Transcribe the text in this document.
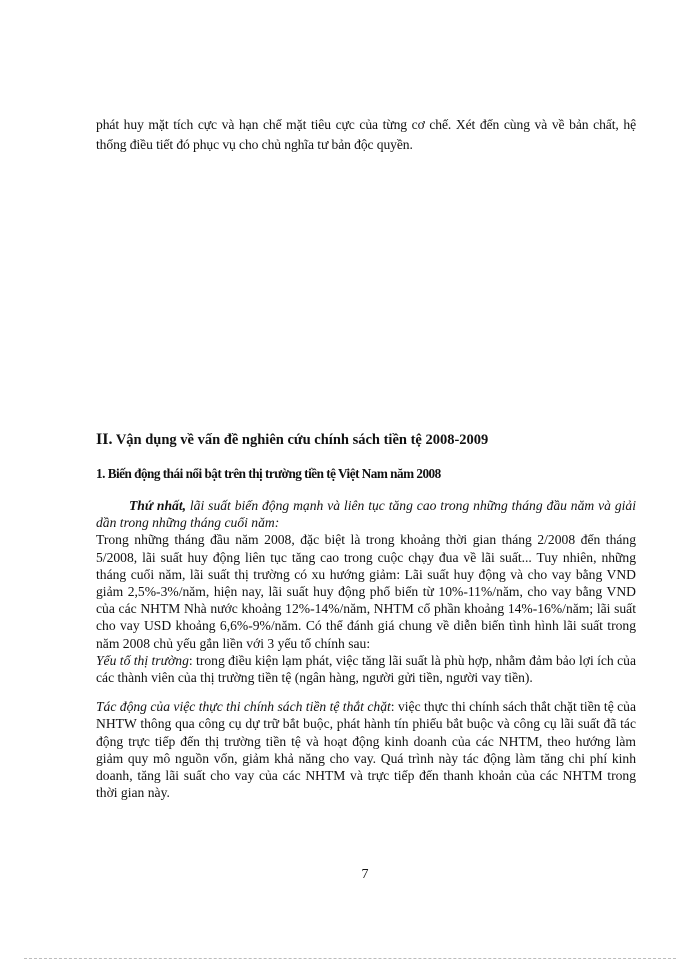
phát huy mặt tích cực và hạn chế mặt tiêu cực của từng cơ chế. Xét đến cùng và về bản chất, hệ thống điều tiết đó phục vụ cho chủ nghĩa tư bản độc quyền.

II. Vận dụng về vấn đề nghiên cứu chính sách tiền tệ 2008-2009
1. Biến động thái nổi bật trên thị trường tiền tệ Việt Nam năm 2008

Thứ nhất, lãi suất biến động mạnh và liên tục tăng cao trong những tháng đầu năm và giải dần trong những tháng cuối năm:

Trong những tháng đầu năm 2008, đặc biệt là trong khoảng thời gian tháng 2/2008 đến tháng 5/2008, lãi suất huy động liên tục tăng cao trong cuộc chạy đua về lãi suất... Tuy nhiên, những tháng cuối năm, lãi suất thị trường có xu hướng giảm: Lãi suất huy động và cho vay bằng VND giảm 2,5%-3%/năm, hiện nay, lãi suất huy động phổ biến từ 10%-11%/năm, cho vay bằng VND của các NHTM Nhà nước khoảng 12%-14%/năm, NHTM cổ phần khoảng 14%-16%/năm; lãi suất cho vay USD khoảng 6,6%-9%/năm. Có thể đánh giá chung về diễn biến tình hình lãi suất trong năm 2008 chủ yếu gắn liền với 3 yếu tố chính sau:

Yếu tố thị trường: trong điều kiện lạm phát, việc tăng lãi suất là phù hợp, nhằm đảm bảo lợi ích của các thành viên của thị trường tiền tệ (ngân hàng, người gửi tiền, người vay tiền).

Tác động của việc thực thi chính sách tiền tệ thắt chặt: việc thực thi chính sách thắt chặt tiền tệ của NHTW thông qua công cụ dự trữ bắt buộc, phát hành tín phiếu bắt buộc và công cụ lãi suất đã tác động trực tiếp đến thị trường tiền tệ và hoạt động kinh doanh của các NHTM, theo hướng làm giảm quy mô nguồn vốn, giảm khả năng cho vay. Quá trình này tác động làm tăng chi phí kinh doanh, tăng lãi suất cho vay của các NHTM và trực tiếp đến thanh khoản của các NHTM trong thời gian này.

7
